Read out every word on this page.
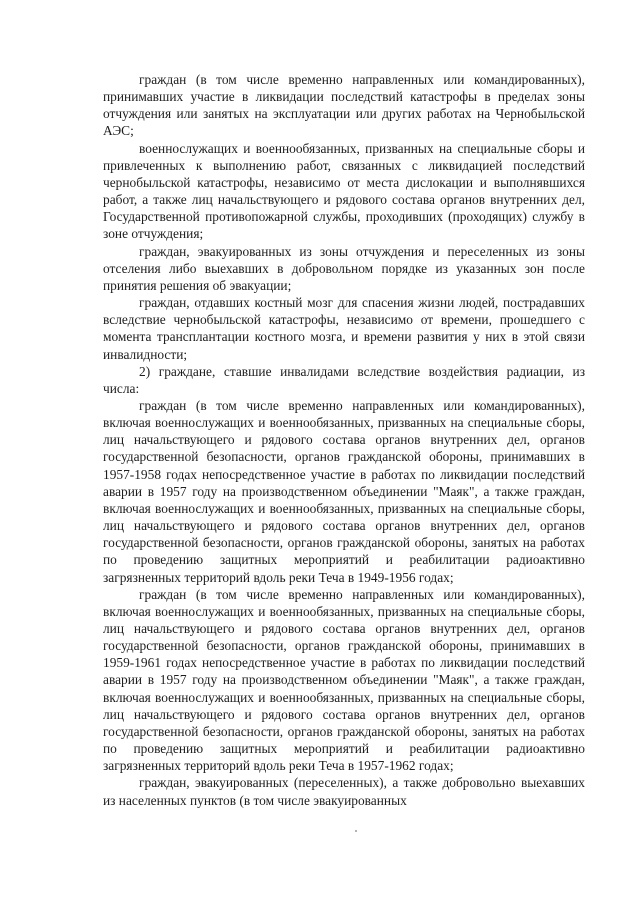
граждан (в том числе временно направленных или командированных), принимавших участие в ликвидации последствий катастрофы в пределах зоны отчуждения или занятых на эксплуатации или других работах на Чернобыльской АЭС;

военнослужащих и военнообязанных, призванных на специальные сборы и привлеченных к выполнению работ, связанных с ликвидацией последствий чернобыльской катастрофы, независимо от места дислокации и выполнявшихся работ, а также лиц начальствующего и рядового состава органов внутренних дел, Государственной противопожарной службы, проходивших (проходящих) службу в зоне отчуждения;

граждан, эвакуированных из зоны отчуждения и переселенных из зоны отселения либо выехавших в добровольном порядке из указанных зон после принятия решения об эвакуации;

граждан, отдавших костный мозг для спасения жизни людей, пострадавших вследствие чернобыльской катастрофы, независимо от времени, прошедшего с момента трансплантации костного мозга, и времени развития у них в этой связи инвалидности;

2) граждане, ставшие инвалидами вследствие воздействия радиации, из числа:

граждан (в том числе временно направленных или командированных), включая военнослужащих и военнообязанных, призванных на специальные сборы, лиц начальствующего и рядового состава органов внутренних дел, органов государственной безопасности, органов гражданской обороны, принимавших в 1957-1958 годах непосредственное участие в работах по ликвидации последствий аварии в 1957 году на производственном объединении "Маяк", а также граждан, включая военнослужащих и военнообязанных, призванных на специальные сборы, лиц начальствующего и рядового состава органов внутренних дел, органов государственной безопасности, органов гражданской обороны, занятых на работах по проведению защитных мероприятий и реабилитации радиоактивно загрязненных территорий вдоль реки Теча в 1949-1956 годах;

граждан (в том числе временно направленных или командированных), включая военнослужащих и военнообязанных, призванных на специальные сборы, лиц начальствующего и рядового состава органов внутренних дел, органов государственной безопасности, органов гражданской обороны, принимавших в 1959-1961 годах непосредственное участие в работах по ликвидации последствий аварии в 1957 году на производственном объединении "Маяк", а также граждан, включая военнослужащих и военнообязанных, призванных на специальные сборы, лиц начальствующего и рядового состава органов внутренних дел, органов государственной безопасности, органов гражданской обороны, занятых на работах по проведению защитных мероприятий и реабилитации радиоактивно загрязненных территорий вдоль реки Теча в 1957-1962 годах;

граждан, эвакуированных (переселенных), а также добровольно выехавших из населенных пунктов (в том числе эвакуированных
